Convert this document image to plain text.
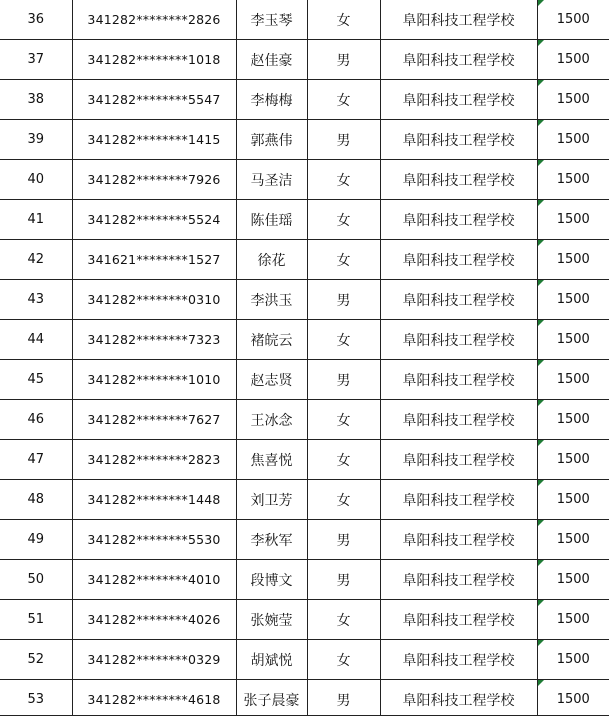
36	341282********2826	李玉琴	女	阜阳科技工程学校	1500
37	341282********1018	赵佳豪	男	阜阳科技工程学校	1500
38	341282********5547	李梅梅	女	阜阳科技工程学校	1500
39	341282********1415	郭燕伟	男	阜阳科技工程学校	1500
40	341282********7926	马圣洁	女	阜阳科技工程学校	1500
41	341282********5524	陈佳瑶	女	阜阳科技工程学校	1500
42	341621********1527	徐花	女	阜阳科技工程学校	1500
43	341282********0310	李洪玉	男	阜阳科技工程学校	1500
44	341282********7323	褚皖云	女	阜阳科技工程学校	1500
45	341282********1010	赵志贤	男	阜阳科技工程学校	1500
46	341282********7627	王冰念	女	阜阳科技工程学校	1500
47	341282********2823	焦喜悦	女	阜阳科技工程学校	1500
48	341282********1448	刘卫芳	女	阜阳科技工程学校	1500
49	341282********5530	李秋军	男	阜阳科技工程学校	1500
50	341282********4010	段博文	男	阜阳科技工程学校	1500
51	341282********4026	张婉莹	女	阜阳科技工程学校	1500
52	341282********0329	胡斌悦	女	阜阳科技工程学校	1500
53	341282********4618	张子晨豪	男	阜阳科技工程学校	1500
